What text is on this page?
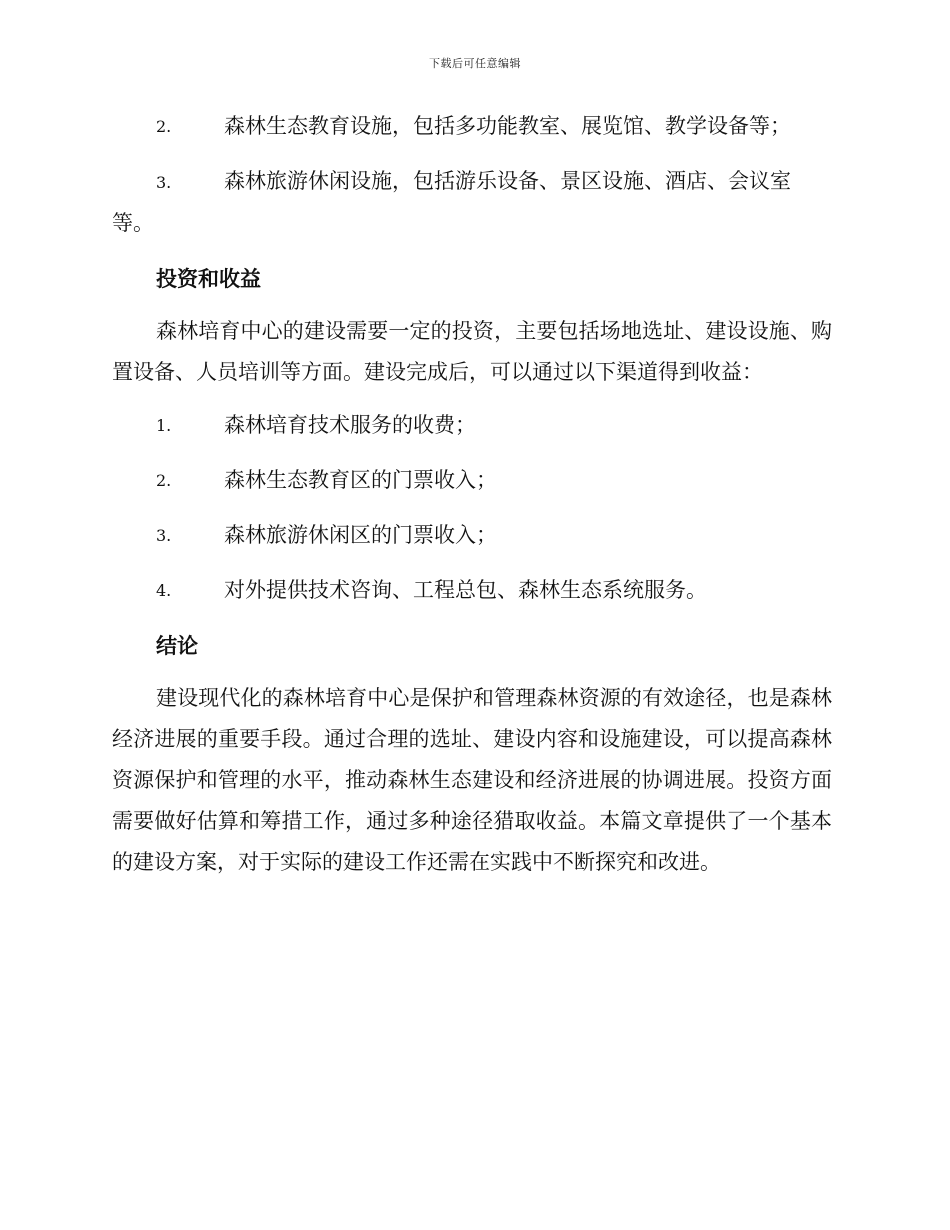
下载后可任意编辑
2.	森林生态教育设施，包括多功能教室、展览馆、教学设备等；
3.	森林旅游休闲设施，包括游乐设备、景区设施、酒店、会议室等。
投资和收益

森林培育中心的建设需要一定的投资，主要包括场地选址、建设设施、购置设备、人员培训等方面。建设完成后，可以通过以下渠道得到收益：

1.	森林培育技术服务的收费；
2.	森林生态教育区的门票收入；
3.	森林旅游休闲区的门票收入；
4.	对外提供技术咨询、工程总包、森林生态系统服务。
结论

建设现代化的森林培育中心是保护和管理森林资源的有效途径，也是森林经济进展的重要手段。通过合理的选址、建设内容和设施建设，可以提高森林资源保护和管理的水平，推动森林生态建设和经济进展的协调进展。投资方面需要做好估算和筹措工作，通过多种途径猎取收益。本篇文章提供了一个基本的建设方案，对于实际的建设工作还需在实践中不断探究和改进。
